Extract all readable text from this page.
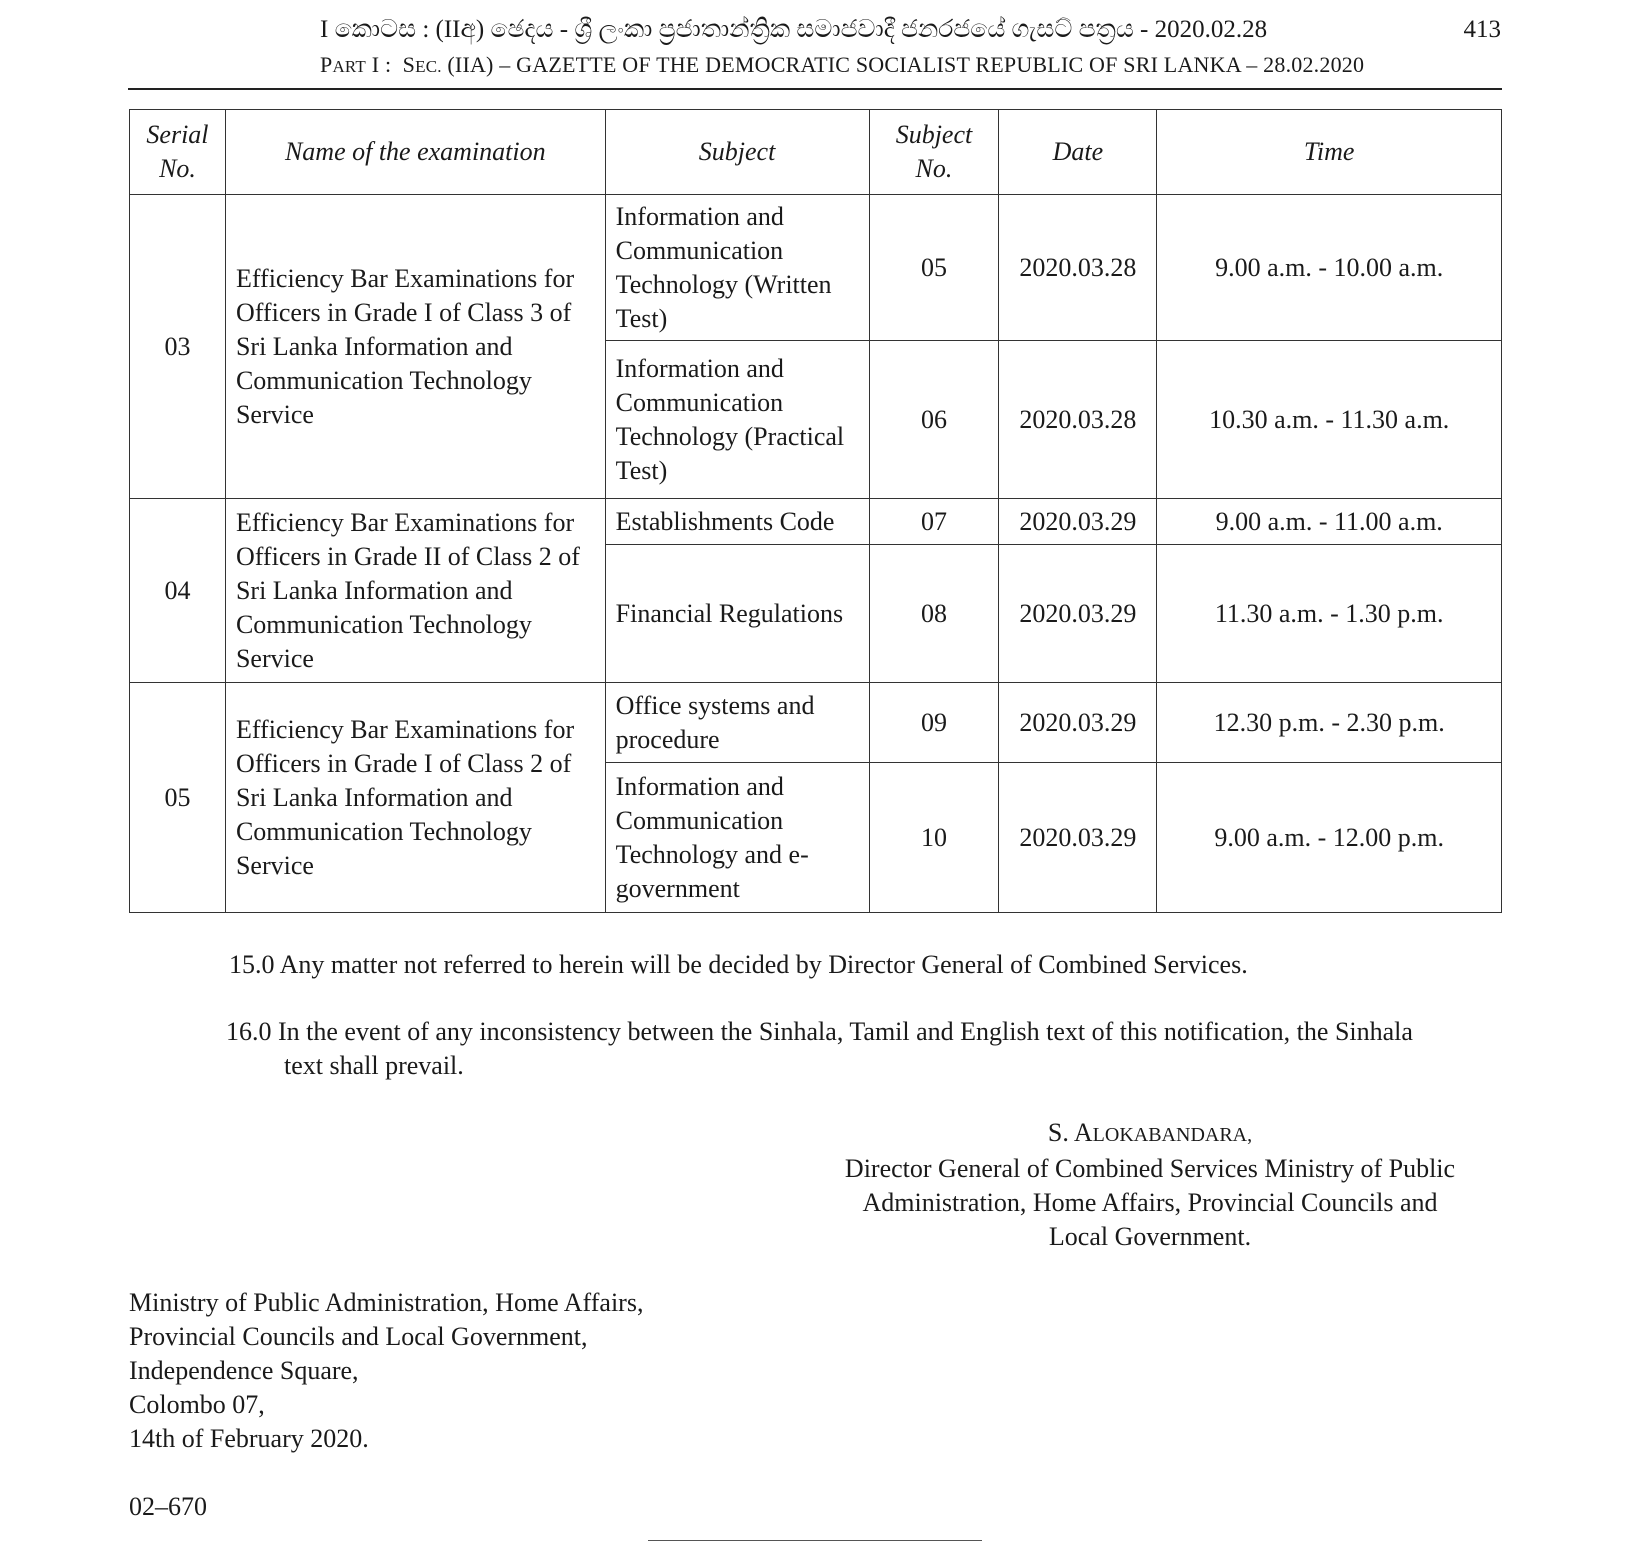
I කොටස : (IIඅ) ඡෙදය - ශ්‍රී ලංකා ප්‍රජාතාන්ත්‍රික සමාජවාදී ජනරජයේ ගැසට් පත්‍රය - 2020.02.28	413
PART I :  SEC. (IIA) – GAZETTE OF THE DEMOCRATIC SOCIALIST REPUBLIC OF SRI LANKA – 28.02.2020
Serial No.	Name of the examination	Subject	Subject No.	Date	Time
03	Efficiency Bar Examinations for Officers in Grade I of Class 3 of Sri Lanka Information and Communication Technology Service	Information and Communication Technology (Written Test)	05	2020.03.28	9.00 a.m. - 10.00 a.m.
		Information and Communication Technology (Practical Test)	06	2020.03.28	10.30 a.m. - 11.30 a.m.
04	Efficiency Bar Examinations for Officers in Grade II of Class 2 of Sri Lanka Information and Communication Technology Service	Establishments Code	07	2020.03.29	9.00 a.m. - 11.00 a.m.
		Financial Regulations	08	2020.03.29	11.30 a.m. - 1.30 p.m.
05	Efficiency Bar Examinations for Officers in Grade I of Class 2 of Sri Lanka Information and Communication Technology Service	Office systems and procedure	09	2020.03.29	12.30 p.m. - 2.30 p.m.
		Information and Communication Technology and e-government	10	2020.03.29	9.00 a.m. - 12.00 p.m.
15.0 Any matter not referred to herein will be decided by Director General of Combined Services.
16.0 In the event of any inconsistency between the Sinhala, Tamil and English text of this notification, the Sinhala
text shall prevail.
S. ALOKABANDARA,
Director General of Combined Services Ministry of Public
Administration, Home Affairs, Provincial Councils and
Local Government.
Ministry of Public Administration, Home Affairs,
Provincial Councils and Local Government,
Independence Square,
Colombo 07,
14th of February 2020.
02–670
